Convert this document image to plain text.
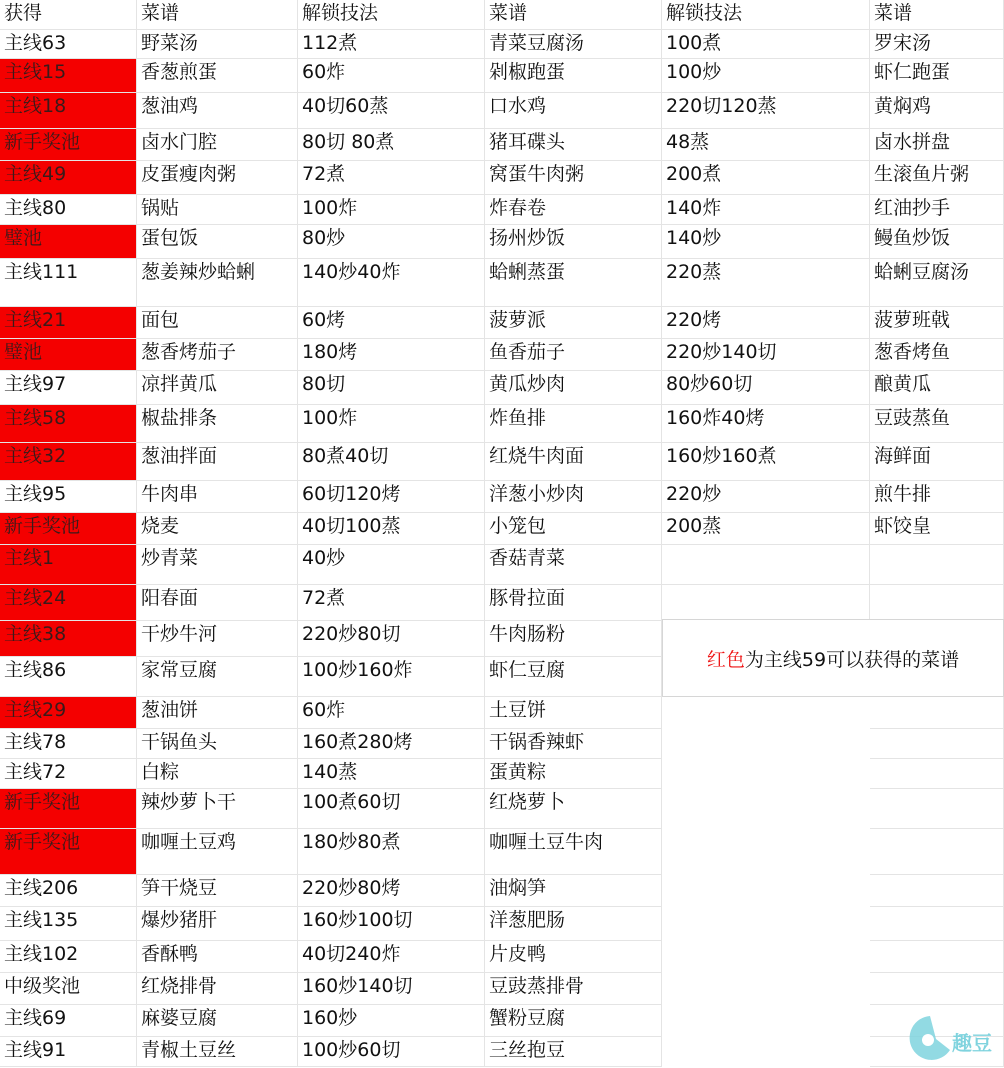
获得	菜谱	解锁技法	菜谱	解锁技法	菜谱
主线63	野菜汤	112煮	青菜豆腐汤	100煮	罗宋汤
主线15	香葱煎蛋	60炸	剁椒跑蛋	100炒	虾仁跑蛋
主线18	葱油鸡	40切60蒸	口水鸡	220切120蒸	黄焖鸡
新手奖池	卤水门腔	80切 80煮	猪耳碟头	48蒸	卤水拼盘
主线49	皮蛋瘦肉粥	72煮	窝蛋牛肉粥	200煮	生滚鱼片粥
主线80	锅贴	100炸	炸春卷	140炸	红油抄手
璧池	蛋包饭	80炒	扬州炒饭	140炒	鳗鱼炒饭
主线111	葱姜辣炒蛤蜊	140炒40炸	蛤蜊蒸蛋	220蒸	蛤蜊豆腐汤
主线21	面包	60烤	菠萝派	220烤	菠萝班戟
璧池	葱香烤茄子	180烤	鱼香茄子	220炒140切	葱香烤鱼
主线97	凉拌黄瓜	80切	黄瓜炒肉	80炒60切	酿黄瓜
主线58	椒盐排条	100炸	炸鱼排	160炸40烤	豆豉蒸鱼
主线32	葱油拌面	80煮40切	红烧牛肉面	160炒160煮	海鲜面
主线95	牛肉串	60切120烤	洋葱小炒肉	220炒	煎牛排
新手奖池	烧麦	40切100蒸	小笼包	200蒸	虾饺皇
主线1	炒青菜	40炒	香菇青菜
主线24	阳春面	72煮	豚骨拉面
主线38	干炒牛河	220炒80切	牛肉肠粉
主线86	家常豆腐	100炒160炸	虾仁豆腐
主线29	葱油饼	60炸	土豆饼
主线78	干锅鱼头	160煮280烤	干锅香辣虾
主线72	白粽	140蒸	蛋黄粽
新手奖池	辣炒萝卜干	100煮60切	红烧萝卜
新手奖池	咖喱土豆鸡	180炒80煮	咖喱土豆牛肉
主线206	笋干烧豆	220炒80烤	油焖笋
主线135	爆炒猪肝	160炒100切	洋葱肥肠
主线102	香酥鸭	40切240炸	片皮鸭
中级奖池	红烧排骨	160炒140切	豆豉蒸排骨
主线69	麻婆豆腐	160炒	蟹粉豆腐
主线91	青椒土豆丝	100炒60切	三丝抱豆
红色 为主线59可以获得的菜谱
趣豆
